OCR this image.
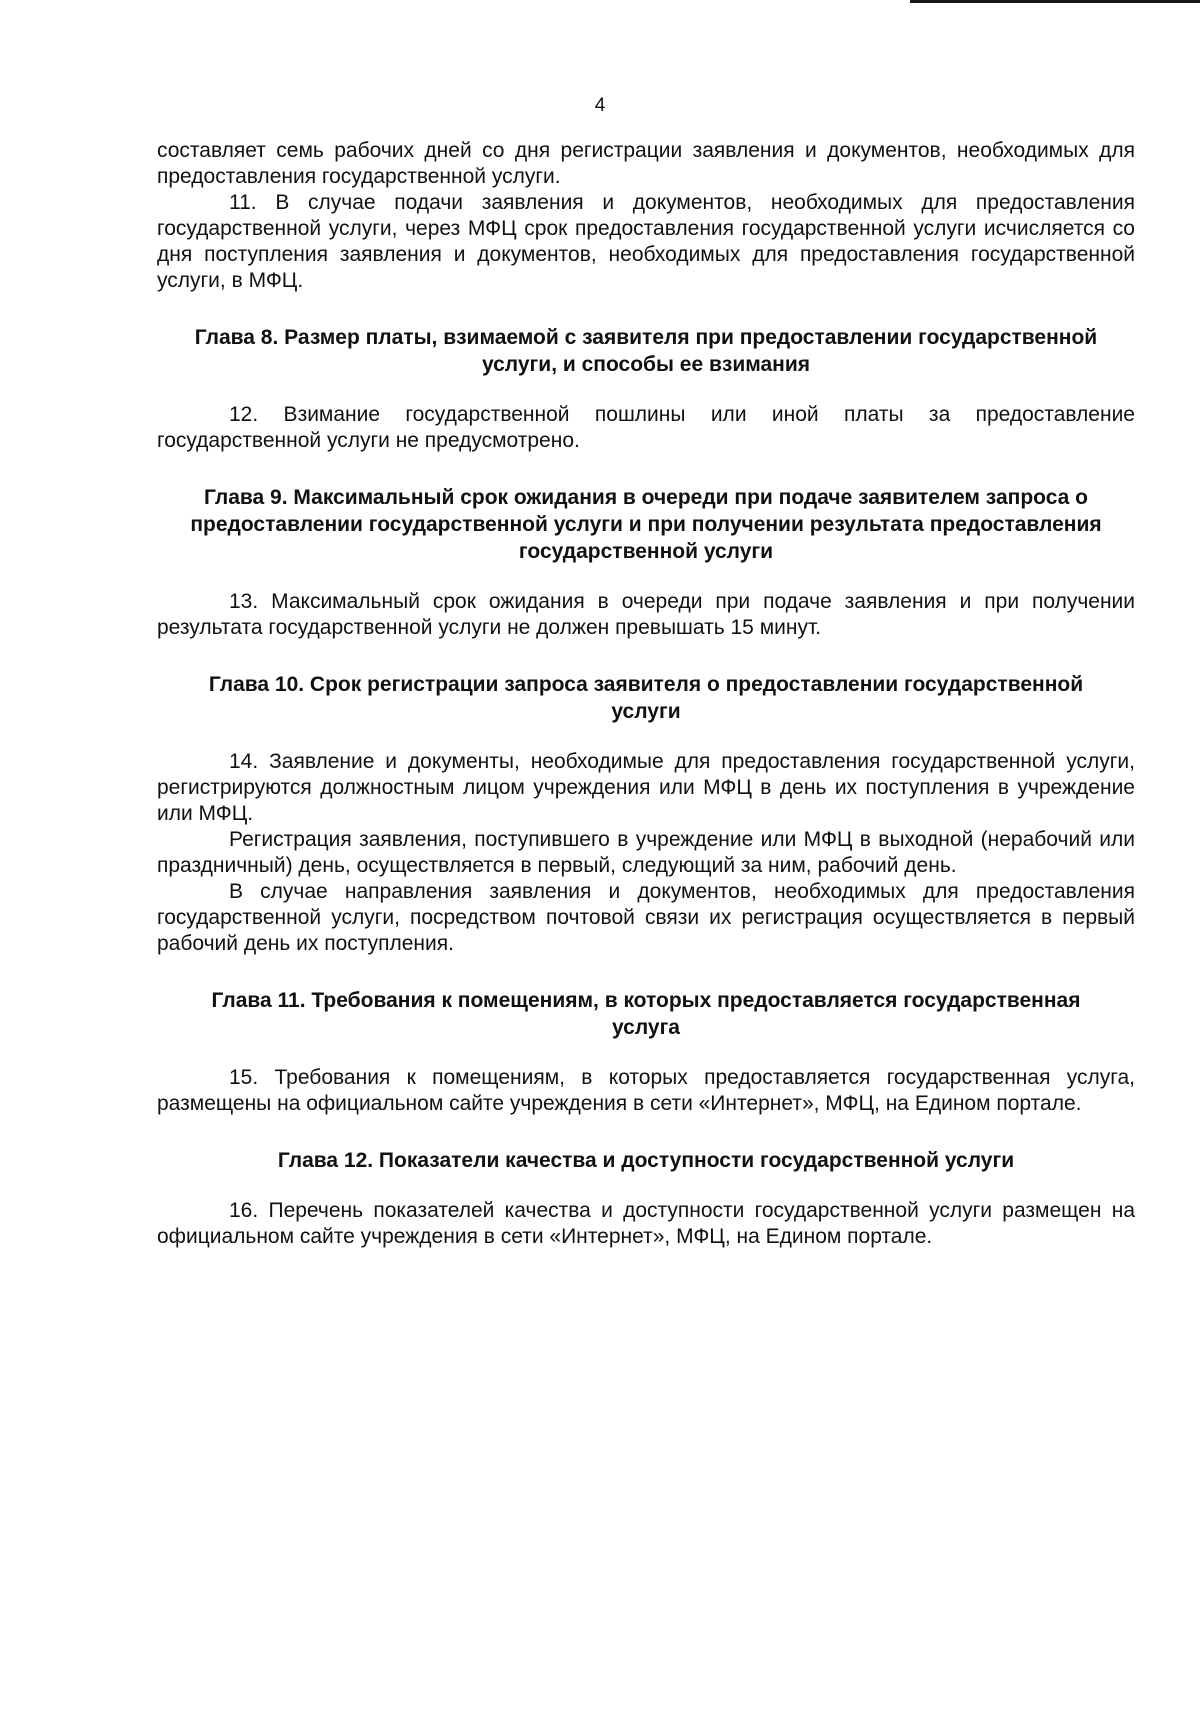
4

составляет семь рабочих дней со дня регистрации заявления и документов, необходимых для предоставления государственной услуги.

11. В случае подачи заявления и документов, необходимых для предоставления государственной услуги, через МФЦ срок предоставления государственной услуги исчисляется со дня поступления заявления и документов, необходимых для предоставления государственной услуги, в МФЦ.

Глава 8. Размер платы, взимаемой с заявителя при предоставлении государственной услуги, и способы ее взимания

12. Взимание государственной пошлины или иной платы за предоставление государственной услуги не предусмотрено.

Глава 9. Максимальный срок ожидания в очереди при подаче заявителем запроса о предоставлении государственной услуги и при получении результата предоставления государственной услуги

13. Максимальный срок ожидания в очереди при подаче заявления и при получении результата государственной услуги не должен превышать 15 минут.

Глава 10. Срок регистрации запроса заявителя о предоставлении государственной услуги

14. Заявление и документы, необходимые для предоставления государственной услуги, регистрируются должностным лицом учреждения или МФЦ в день их поступления в учреждение или МФЦ.

Регистрация заявления, поступившего в учреждение или МФЦ в выходной (нерабочий или праздничный) день, осуществляется в первый, следующий за ним, рабочий день.

В случае направления заявления и документов, необходимых для предоставления государственной услуги, посредством почтовой связи их регистрация осуществляется в первый рабочий день их поступления.

Глава 11. Требования к помещениям, в которых предоставляется государственная услуга

15. Требования к помещениям, в которых предоставляется государственная услуга, размещены на официальном сайте учреждения в сети «Интернет», МФЦ, на Едином портале.

Глава 12. Показатели качества и доступности государственной услуги

16. Перечень показателей качества и доступности государственной услуги размещен на официальном сайте учреждения в сети «Интернет», МФЦ, на Едином портале.
